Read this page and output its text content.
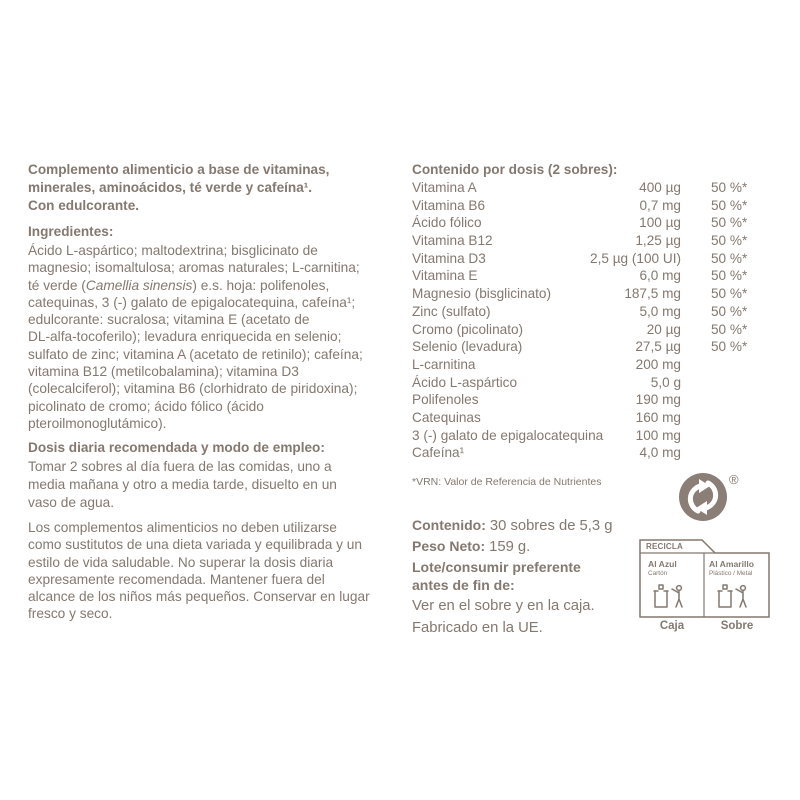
Complemento alimenticio a base de vitaminas,
minerales, aminoácidos, té verde y cafeína¹.
Con edulcorante.
Ingredientes:
Ácido L-aspártico; maltodextrina; bisglicinato de
magnesio; isomaltulosa; aromas naturales; L-carnitina;
té verde (Camellia sinensis) e.s. hoja: polifenoles,
catequinas, 3 (-) galato de epigalocatequina, cafeína¹;
edulcorante: sucralosa; vitamina E (acetato de
DL-alfa-tocoferilo); levadura enriquecida en selenio;
sulfato de zinc; vitamina A (acetato de retinilo); cafeína;
vitamina B12 (metilcobalamina); vitamina D3
(colecalciferol); vitamina B6 (clorhidrato de piridoxina);
picolinato de cromo; ácido fólico (ácido
pteroilmonoglutámico).
Dosis diaria recomendada y modo de empleo:
Tomar 2 sobres al día fuera de las comidas, uno a
media mañana y otro a media tarde, disuelto en un
vaso de agua.
Los complementos alimenticios no deben utilizarse
como sustitutos de una dieta variada y equilibrada y un
estilo de vida saludable. No superar la dosis diaria
expresamente recomendada. Mantener fuera del
alcance de los niños más pequeños. Conservar en lugar
fresco y seco.
Contenido por dosis (2 sobres):
Vitamina A	400 µg 50 %*
Vitamina B6	0,7 mg 50 %*
Ácido fólico	100 µg 50 %*
Vitamina B12	1,25 µg 50 %*
Vitamina D3	2,5 µg (100 UI) 50 %*
Vitamina E	6,0 mg 50 %*
Magnesio (bisglicinato)	187,5 mg 50 %*
Zinc (sulfato)	5,0 mg 50 %*
Cromo (picolinato)	20 µg 50 %*
Selenio (levadura)	27,5 µg 50 %*
L-carnitina	200 mg
Ácido L-aspártico	5,0 g
Polifenoles	190 mg
Catequinas	160 mg
3 (-) galato de epigalocatequina	100 mg
Cafeína¹	4,0 mg
*VRN: Valor de Referencia de Nutrientes	®
Contenido: 30 sobres de 5,3 g
Peso Neto: 159 g.
Lote/consumir preferente
antes de fin de:
Ver en el sobre y en la caja.
Fabricado en la UE.
RECICLA
Al Azul
Cartón
Al Amarillo
Plástico / Metal
Caja	Sobre
